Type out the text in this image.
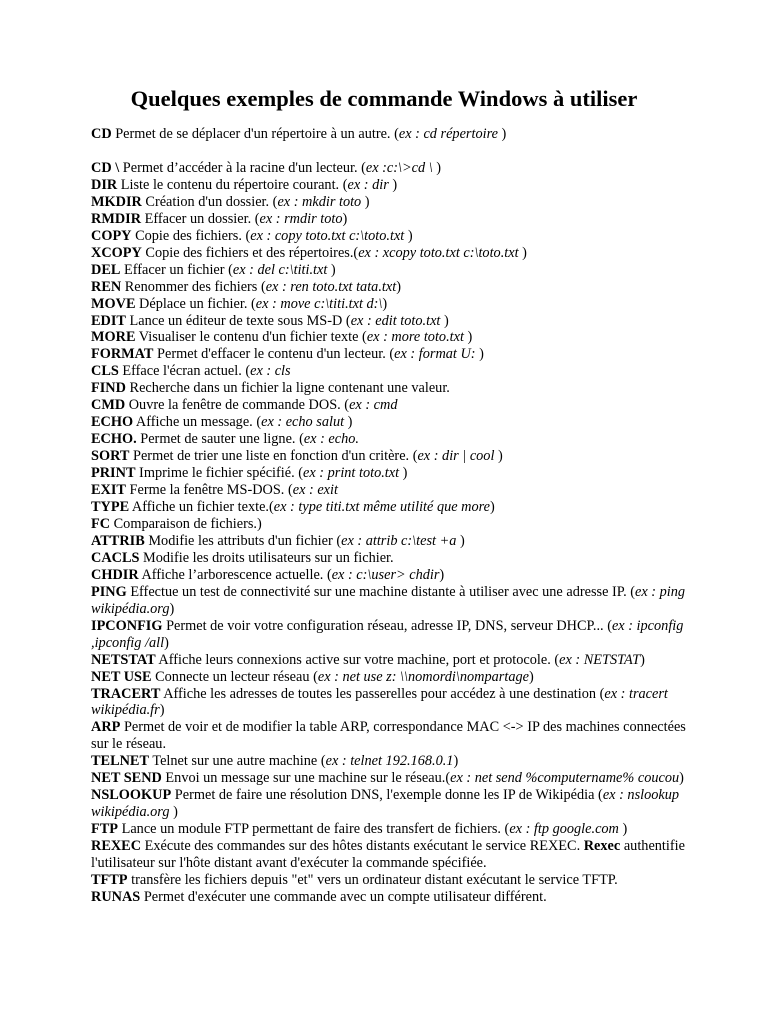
Quelques exemples de commande Windows à utiliser

CD Permet de se déplacer d'un répertoire à un autre. (ex : cd répertoire )

CD \ Permet d’accéder à la racine d'un lecteur. (ex :c:\>cd \ )

DIR Liste le contenu du répertoire courant. (ex : dir )

MKDIR Création d'un dossier. (ex : mkdir toto )

RMDIR Effacer un dossier. (ex : rmdir toto)

COPY Copie des fichiers. (ex : copy toto.txt c:\toto.txt )

XCOPY Copie des fichiers et des répertoires.(ex : xcopy toto.txt c:\toto.txt )

DEL Effacer un fichier (ex : del c:\titi.txt )

REN Renommer des fichiers (ex : ren toto.txt tata.txt)

MOVE Déplace un fichier. (ex : move c:\titi.txt d:\)

EDIT Lance un éditeur de texte sous MS-D (ex : edit toto.txt )

MORE Visualiser le contenu d'un fichier texte (ex : more toto.txt )

FORMAT Permet d'effacer le contenu d'un lecteur. (ex : format U: )

CLS Efface l'écran actuel. (ex : cls

FIND Recherche dans un fichier la ligne contenant une valeur.

CMD Ouvre la fenêtre de commande DOS. (ex : cmd

ECHO Affiche un message. (ex : echo salut )

ECHO. Permet de sauter une ligne. (ex : echo.

SORT Permet de trier une liste en fonction d'un critère. (ex : dir | cool )

PRINT Imprime le fichier spécifié. (ex : print toto.txt )

EXIT Ferme la fenêtre MS-DOS. (ex : exit

TYPE Affiche un fichier texte.(ex : type titi.txt même utilité que more)

FC Comparaison de fichiers.)

ATTRIB Modifie les attributs d'un fichier (ex : attrib c:\test +a )

CACLS Modifie les droits utilisateurs sur un fichier.

CHDIR Affiche l’arborescence actuelle. (ex : c:\user> chdir)

PING Effectue un test de connectivité sur une machine distante à utiliser avec une adresse IP. (ex : ping wikipédia.org)

IPCONFIG Permet de voir votre configuration réseau, adresse IP, DNS, serveur DHCP... (ex : ipconfig ,ipconfig /all)

NETSTAT Affiche leurs connexions active sur votre machine, port et protocole. (ex : NETSTAT)

NET USE Connecte un lecteur réseau (ex : net use z: \\nomordi\nompartage)

TRACERT Affiche les adresses de toutes les passerelles pour accédez à une destination (ex : tracert wikipédia.fr)

ARP Permet de voir et de modifier la table ARP, correspondance MAC <-> IP des machines connectées sur le réseau.

TELNET Telnet sur une autre machine (ex : telnet 192.168.0.1)

NET SEND Envoi un message sur une machine sur le réseau.(ex : net send %computername% coucou)

NSLOOKUP Permet de faire une résolution DNS, l'exemple donne les IP de Wikipédia (ex : nslookup wikipédia.org )

FTP Lance un module FTP permettant de faire des transfert de fichiers. (ex : ftp google.com )

REXEC Exécute des commandes sur des hôtes distants exécutant le service REXEC. Rexec authentifie l'utilisateur sur l'hôte distant avant d'exécuter la commande spécifiée.

TFTP transfère les fichiers depuis "et" vers un ordinateur distant exécutant le service TFTP.

RUNAS Permet d'exécuter une commande avec un compte utilisateur différent.
